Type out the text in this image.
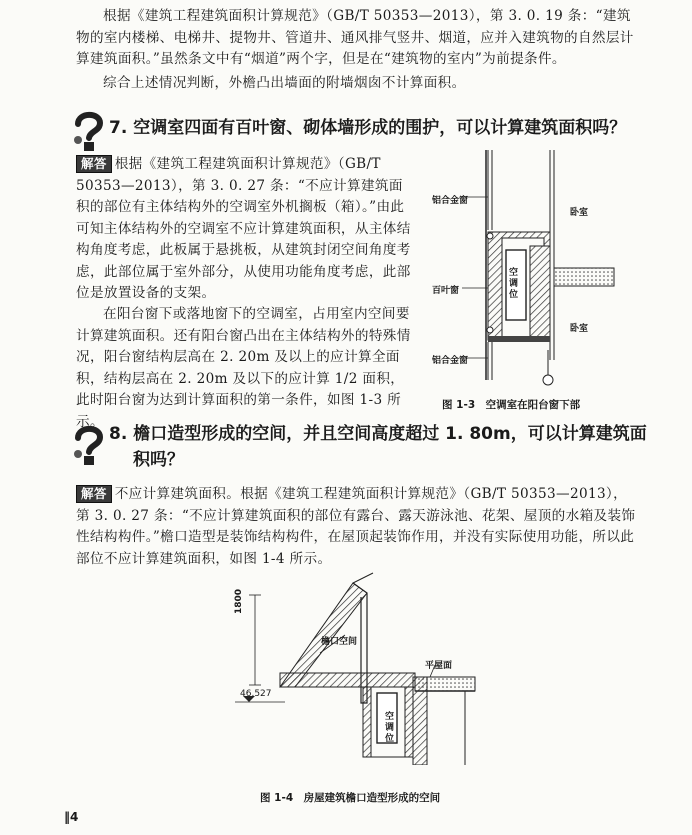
根据《建筑工程建筑面积计算规范》（GB/T 50353—2013），第 3. 0. 19 条：“建筑物的室内楼梯、电梯井、提物井、管道井、通风排气竖井、烟道，应并入建筑物的自然层计算建筑面积。”虽然条文中有“烟道”两个字，但是在“建筑物的室内”为前提条件。

综合上述情况判断，外檐凸出墙面的附墙烟囱不计算面积。

7. 空调室四面有百叶窗、砌体墙形成的围护，可以计算建筑面积吗？
解答 根据《建筑工程建筑面积计算规范》（GB/T 50353—2013），第 3. 0. 27 条：“不应计算建筑面积的部位有主体结构外的空调室外机搁板（箱）。”由此可知主体结构外的空调室不应计算建筑面积，从主体结构角度考虑，此板属于悬挑板，从建筑封闭空间角度考虑，此部位属于室外部分，从使用功能角度考虑，此部位是放置设备的支架。

在阳台窗下或落地窗下的空调室，占用室内空间要计算建筑面积。还有阳台窗凸出在主体结构外的特殊情况，阳台窗结构层高在 2. 20m 及以上的应计算全面积，结构层高在 2. 20m 及以下的应计算 1/2 面积，此时阳台窗为达到计算面积的第一条件，如图 1-3 所示。

铝合金窗
百叶窗
铝合金窗
卧室
卧室
空调位
图 1-3　空调室在阳台窗下部
8. 檐口造型形成的空间，并且空间高度超过 1. 80m，可以计算建筑面
积吗？
解答 不应计算建筑面积。根据《建筑工程建筑面积计算规范》（GB/T 50353—2013），第 3. 0. 27 条：“不应计算建筑面积的部位有露台、露天游泳池、花架、屋顶的水箱及装饰性结构构件。”檐口造型是装饰结构构件，在屋顶起装饰作用，并没有实际使用功能，所以此部位不应计算建筑面积，如图 1-4 所示。
1800
檐口空间
平屋面
46.527
空调位
图 1-4　房屋建筑檐口造型形成的空间
‖4
